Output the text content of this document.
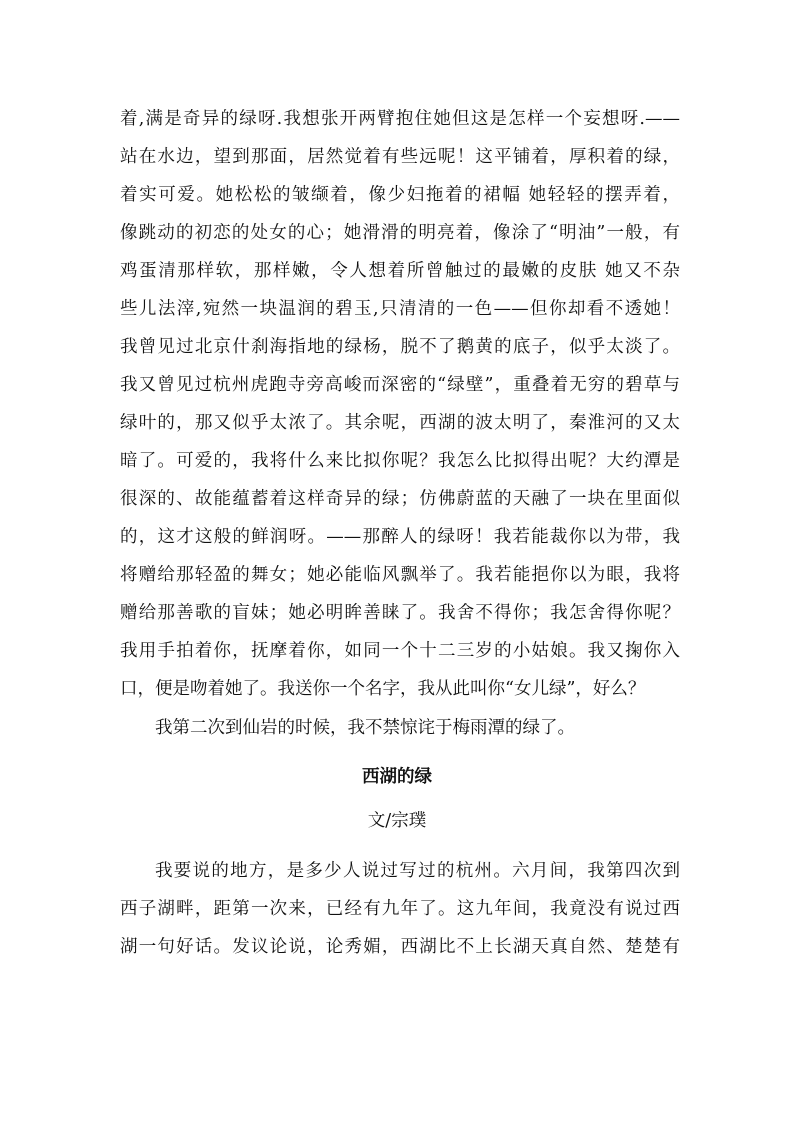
着,满是奇异的绿呀.我想张开两臂抱住她但这是怎样一个妄想呀.——
站在水边，望到那面，居然觉着有些远呢！这平铺着，厚积着的绿，
着实可爱。她松松的皱缬着，像少妇拖着的裙幅 她轻轻的摆弄着，
像跳动的初恋的处女的心；她滑滑的明亮着，像涂了“明油”一般，有
鸡蛋清那样软，那样嫩，令人想着所曾触过的最嫩的皮肤 她又不杂
些儿法滓,宛然一块温润的碧玉,只清清的一色——但你却看不透她！
我曾见过北京什刹海指地的绿杨，脱不了鹅黄的底子，似乎太淡了。
我又曾见过杭州虎跑寺旁高峻而深密的“绿壁”，重叠着无穷的碧草与
绿叶的，那又似乎太浓了。其余呢，西湖的波太明了，秦淮河的又太
暗了。可爱的，我将什么来比拟你呢？我怎么比拟得出呢？大约潭是
很深的、故能蕴蓄着这样奇异的绿；仿佛蔚蓝的天融了一块在里面似
的，这才这般的鲜润呀。——那醉人的绿呀！我若能裁你以为带，我
将赠给那轻盈的舞女；她必能临风飘举了。我若能挹你以为眼，我将
赠给那善歌的盲妹；她必明眸善睐了。我舍不得你；我怎舍得你呢？
我用手拍着你，抚摩着你，如同一个十二三岁的小姑娘。我又掬你入
口，便是吻着她了。我送你一个名字，我从此叫你“女儿绿”，好么？
我第二次到仙岩的时候，我不禁惊诧于梅雨潭的绿了。
西湖的绿
文/宗璞
我要说的地方，是多少人说过写过的杭州。六月间，我第四次到
西子湖畔，距第一次来，已经有九年了。这九年间，我竟没有说过西
湖一句好话。发议论说，论秀媚，西湖比不上长湖天真自然、楚楚有
